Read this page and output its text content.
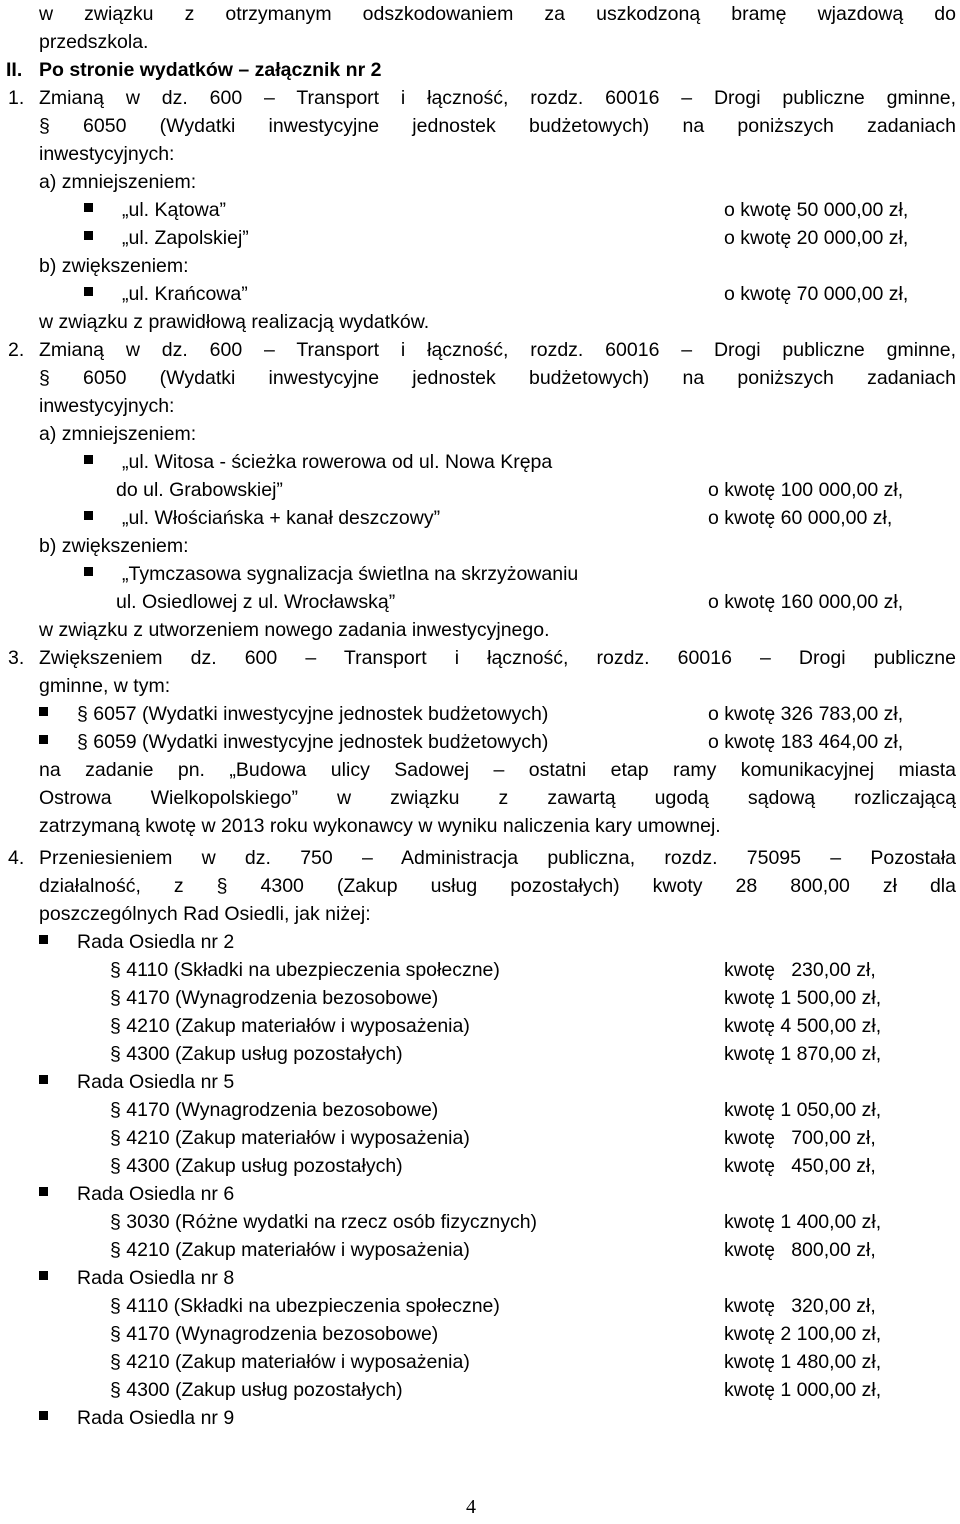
w związku z otrzymanym odszkodowaniem za uszkodzoną bramę wjazdową do
przedszkola.
II. Po stronie wydatków – załącznik nr 2
1. Zmianą w dz. 600 – Transport i łączność, rozdz. 60016 – Drogi publiczne gminne,
§ 6050 (Wydatki inwestycyjne jednostek budżetowych) na poniższych zadaniach
inwestycyjnych:
a) zmniejszeniem:
„ul. Kątowa”	o kwotę 50 000,00 zł,
„ul. Zapolskiej”	o kwotę 20 000,00 zł,
b) zwiększeniem:
„ul. Krańcowa”	o kwotę 70 000,00 zł,
w związku z prawidłową realizacją wydatków.
2. Zmianą w dz. 600 – Transport i łączność, rozdz. 60016 – Drogi publiczne gminne,
§ 6050 (Wydatki inwestycyjne jednostek budżetowych) na poniższych zadaniach
inwestycyjnych:
a) zmniejszeniem:
„ul. Witosa - ścieżka rowerowa od ul. Nowa Krępa
do ul. Grabowskiej”	o kwotę 100 000,00 zł,
„ul. Włościańska + kanał deszczowy”	o kwotę 60 000,00 zł,
b) zwiększeniem:
„Tymczasowa sygnalizacja świetlna na skrzyżowaniu
ul. Osiedlowej z ul. Wrocławską”	o kwotę 160 000,00 zł,
w związku z utworzeniem nowego zadania inwestycyjnego.
3. Zwiększeniem dz. 600 – Transport i łączność, rozdz. 60016 – Drogi publiczne
gminne, w tym:
§ 6057 (Wydatki inwestycyjne jednostek budżetowych)	o kwotę 326 783,00 zł,
§ 6059 (Wydatki inwestycyjne jednostek budżetowych)	o kwotę 183 464,00 zł,
na zadanie pn. „Budowa ulicy Sadowej – ostatni etap ramy komunikacyjnej miasta
Ostrowa Wielkopolskiego” w związku z zawartą ugodą sądową rozliczającą
zatrzymaną kwotę w 2013 roku wykonawcy w wyniku naliczenia kary umownej.
4. Przeniesieniem w dz. 750 – Administracja publiczna, rozdz. 75095 – Pozostała
działalność, z § 4300 (Zakup usług pozostałych) kwoty 28 800,00 zł dla
poszczególnych Rad Osiedli, jak niżej:
Rada Osiedla nr 2
§ 4110 (Składki na ubezpieczenia społeczne)	kwotę   230,00 zł,
§ 4170 (Wynagrodzenia bezosobowe)	kwotę 1 500,00 zł,
§ 4210 (Zakup materiałów i wyposażenia)	kwotę 4 500,00 zł,
§ 4300 (Zakup usług pozostałych)	kwotę 1 870,00 zł,
Rada Osiedla nr 5
§ 4170 (Wynagrodzenia bezosobowe)	kwotę 1 050,00 zł,
§ 4210 (Zakup materiałów i wyposażenia)	kwotę   700,00 zł,
§ 4300 (Zakup usług pozostałych)	kwotę   450,00 zł,
Rada Osiedla nr 6
§ 3030 (Różne wydatki na rzecz osób fizycznych)	kwotę 1 400,00 zł,
§ 4210 (Zakup materiałów i wyposażenia)	kwotę   800,00 zł,
Rada Osiedla nr 8
§ 4110 (Składki na ubezpieczenia społeczne)	kwotę   320,00 zł,
§ 4170 (Wynagrodzenia bezosobowe)	kwotę 2 100,00 zł,
§ 4210 (Zakup materiałów i wyposażenia)	kwotę 1 480,00 zł,
§ 4300 (Zakup usług pozostałych)	kwotę 1 000,00 zł,
Rada Osiedla nr 9
4
